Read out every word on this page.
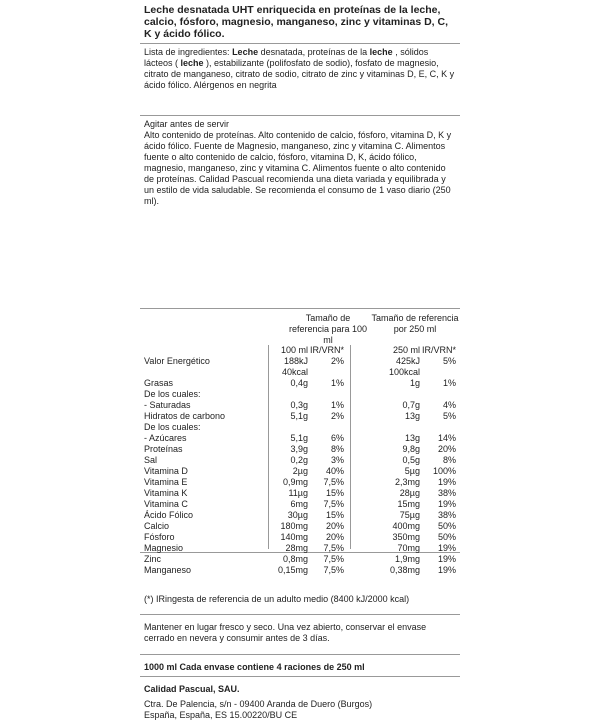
Leche desnatada UHT enriquecida en proteínas de la leche, calcio, fósforo, magnesio, manganeso, zinc y vitaminas D, C, K y ácido fólico.

Lista de ingredientes: Leche desnatada, proteínas de la leche , sólidos lácteos ( leche ), estabilizante (polifosfato de sodio), fosfato de magnesio, citrato de manganeso, citrato de sodio, citrato de zinc y vitaminas D, E, C, K y ácido fólico. Alérgenos en negrita

Agitar antes de servir

Alto contenido de proteínas. Alto contenido de calcio, fósforo, vitamina D, K y ácido fólico. Fuente de Magnesio, manganeso, zinc y vitamina C. Alimentos fuente o alto contenido de calcio, fósforo, vitamina D, K, ácido fólico, magnesio, manganeso, zinc y vitamina C. Alimentos fuente o alto contenido de proteínas. Calidad Pascual recomienda una dieta variada y equilibrada y un estilo de vida saludable. Se recomienda el consumo de 1 vaso diario (250 ml).

Tamaño de referencia para 100 ml
Tamaño de referencia por 250 ml
100 ml IR/VRN*	250 ml IR/VRN*
Valor Energético	188kJ	2%	425kJ	5%
40kcal	100kcal
Grasas	0,4g	1%	1g	1%
De los cuales:
- Saturadas	0,3g	1%	0,7g	4%
Hidratos de carbono	5,1g	2%	13g	5%
De los cuales:
- Azúcares	5,1g	6%	13g	14%
Proteínas	3,9g	8%	9,8g	20%
Sal	0,2g	3%	0,5g	8%
Vitamina D	2µg	40%	5µg	100%
Vitamina E	0,9mg	7,5%	2,3mg	19%
Vitamina K	11µg	15%	28µg	38%
Vitamina C	6mg	7,5%	15mg	19%
Ácido Fólico	30µg	15%	75µg	38%
Calcio	180mg	20%	400mg	50%
Fósforo	140mg	20%	350mg	50%
Magnesio	28mg	7,5%	70mg	19%
Zinc	0,8mg	7,5%	1,9mg	19%
Manganeso	0,15mg	7,5%	0,38mg	19%

(*) IRingesta de referencia de un adulto medio (8400 kJ/2000 kcal)

Mantener en lugar fresco y seco. Una vez abierto, conservar el envase cerrado en nevera y consumir antes de 3 días.

1000 ml Cada envase contiene 4 raciones de 250 ml

Calidad Pascual, SAU.

Ctra. De Palencia, s/n - 09400 Aranda de Duero (Burgos)

España, España, ES 15.00220/BU CE
